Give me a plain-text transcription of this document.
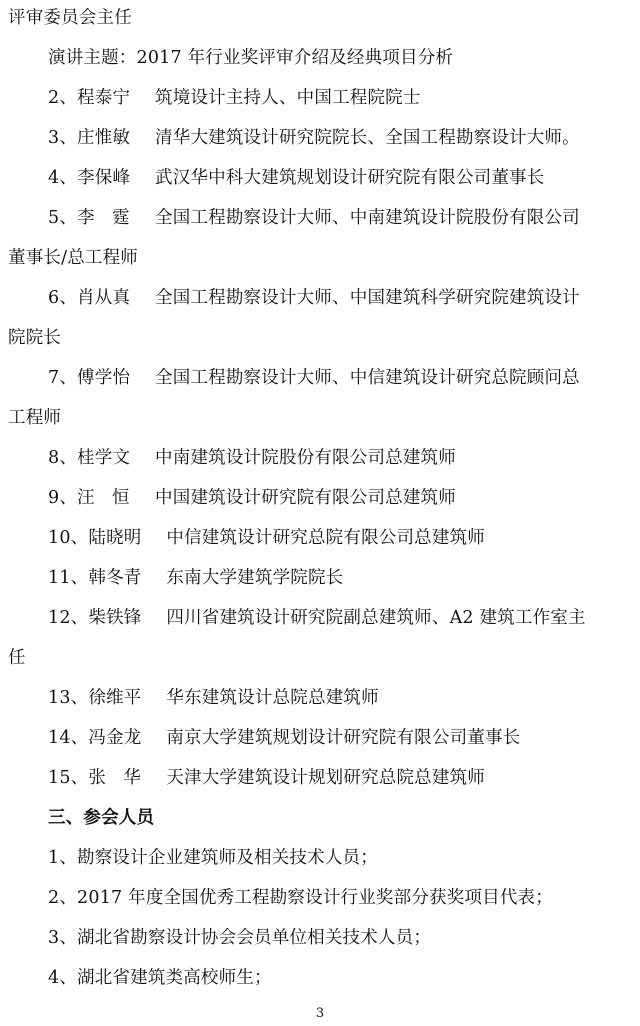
评审委员会主任
演讲主题：2017 年行业奖评审介绍及经典项目分析
2、程泰宁 筑境设计主持人、中国工程院院士
3、庄惟敏 清华大建筑设计研究院院长、全国工程勘察设计大师。
4、李保峰 武汉华中科大建筑规划设计研究院有限公司董事长
5、李   霆 全国工程勘察设计大师、中南建筑设计院股份有限公司
董事长/总工程师
6、肖从真 全国工程勘察设计大师、中国建筑科学研究院建筑设计
院院长
7、傅学怡 全国工程勘察设计大师、中信建筑设计研究总院顾问总
工程师
8、桂学文 中南建筑设计院股份有限公司总建筑师
9、汪   恒 中国建筑设计研究院有限公司总建筑师
10、陆晓明 中信建筑设计研究总院有限公司总建筑师
11、韩冬青 东南大学建筑学院院长
12、柴铁锋 四川省建筑设计研究院副总建筑师、A2 建筑工作室主
任
13、徐维平 华东建筑设计总院总建筑师
14、冯金龙 南京大学建筑规划设计研究院有限公司董事长
15、张   华 天津大学建筑设计规划研究总院总建筑师
三、参会人员
1、勘察设计企业建筑师及相关技术人员；
2、2017 年度全国优秀工程勘察设计行业奖部分获奖项目代表；
3、湖北省勘察设计协会会员单位相关技术人员；
4、湖北省建筑类高校师生；
3
